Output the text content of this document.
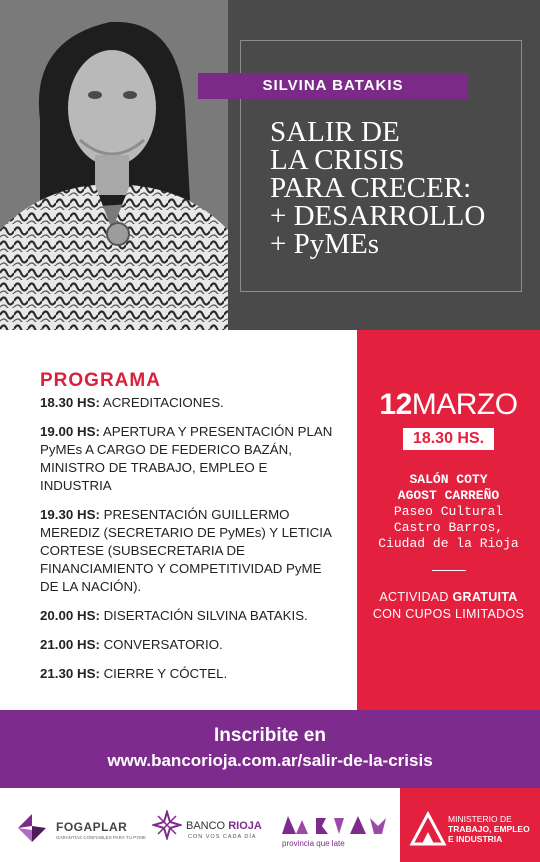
SILVINA BATAKIS
SALIR DE
LA CRISIS
PARA CRECER:
+ DESARROLLO
+ PyMEs
PROGRAMA
18.30 HS: ACREDITACIONES.
19.00 HS: APERTURA Y PRESENTACIÓN PLAN PyMEs A CARGO DE FEDERICO BAZÁN, MINISTRO DE TRABAJO, EMPLEO E INDUSTRIA
19.30 HS: PRESENTACIÓN GUILLERMO MEREDIZ (SECRETARIO DE PyMEs) Y LETICIA CORTESE (SUBSECRETARIA DE FINANCIAMIENTO Y COMPETITIVIDAD PyME DE LA NACIÓN).
20.00 HS: DISERTACIÓN SILVINA BATAKIS.
21.00 HS: CONVERSATORIO.
21.30 HS: CIERRE Y CÓCTEL.
12MARZO
18.30 HS.
SALÓN COTY
AGOST CARREÑO
Paseo Cultural
Castro Barros,
Ciudad de la Rioja
ACTIVIDAD GRATUITA
CON CUPOS LIMITADOS
Inscribite en
www.bancorioja.com.ar/salir-de-la-crisis
FOGAPLAR
GARANTÍAS CONFIABLES PARA TU PYME
BANCO RIOJA
CON VOS CADA DÍA
provincia que late
MINISTERIO DE
TRABAJO, EMPLEO
E INDUSTRIA
